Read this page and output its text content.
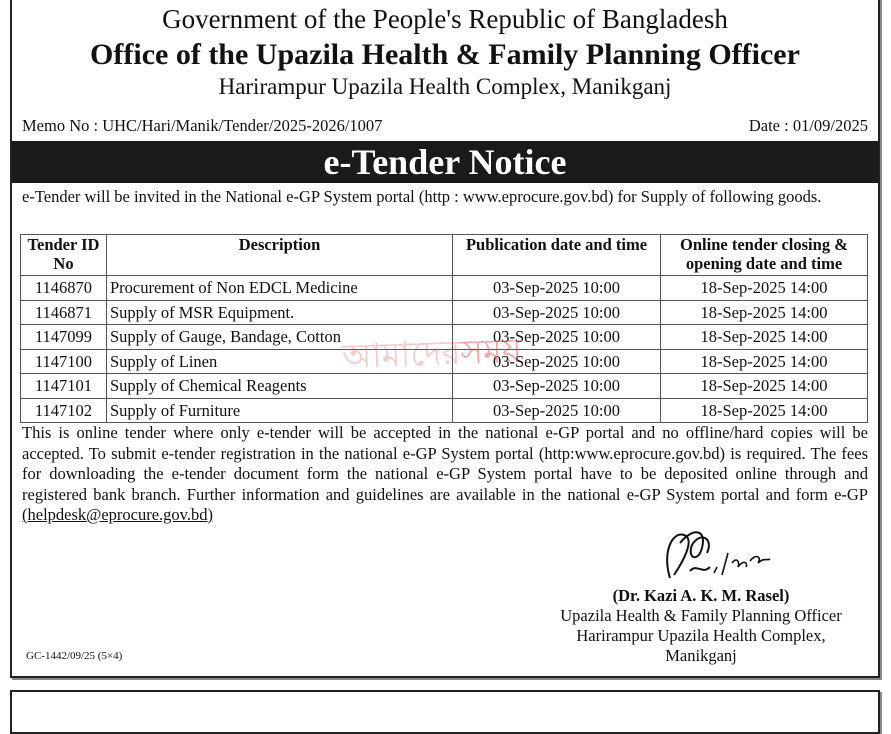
Government of the People's Republic of Bangladesh
Office of the Upazila Health & Family Planning Officer
Harirampur Upazila Health Complex, Manikganj
Memo No : UHC/Hari/Manik/Tender/2025-2026/1007	Date : 01/09/2025
e-Tender Notice
e-Tender will be invited in the National e-GP System portal (http : www.eprocure.gov.bd) for Supply of following goods.
Tender ID No	Description	Publication date and time	Online tender closing & opening date and time
1146870	Procurement of Non EDCL Medicine	03-Sep-2025 10:00	18-Sep-2025 14:00
1146871	Supply of MSR Equipment.	03-Sep-2025 10:00	18-Sep-2025 14:00
1147099	Supply of Gauge, Bandage, Cotton	03-Sep-2025 10:00	18-Sep-2025 14:00
1147100	Supply of Linen	03-Sep-2025 10:00	18-Sep-2025 14:00
1147101	Supply of Chemical Reagents	03-Sep-2025 10:00	18-Sep-2025 14:00
1147102	Supply of Furniture	03-Sep-2025 10:00	18-Sep-2025 14:00
আমাদেরসময়
This is online tender where only e-tender will be accepted in the national e-GP portal and no offline/hard copies will be accepted. To submit e-tender registration in the national e-GP System portal (http:www.eprocure.gov.bd) is required. The fees for downloading the e-tender document form the national e-GP System portal have to be deposited online through and registered bank branch. Further information and guidelines are available in the national e-GP System portal and form e-GP (helpdesk@eprocure.gov.bd)
(Dr. Kazi A. K. M. Rasel)
Upazila Health & Family Planning Officer
Harirampur Upazila Health Complex,
Manikganj
GC-1442/09/25 (5×4)
